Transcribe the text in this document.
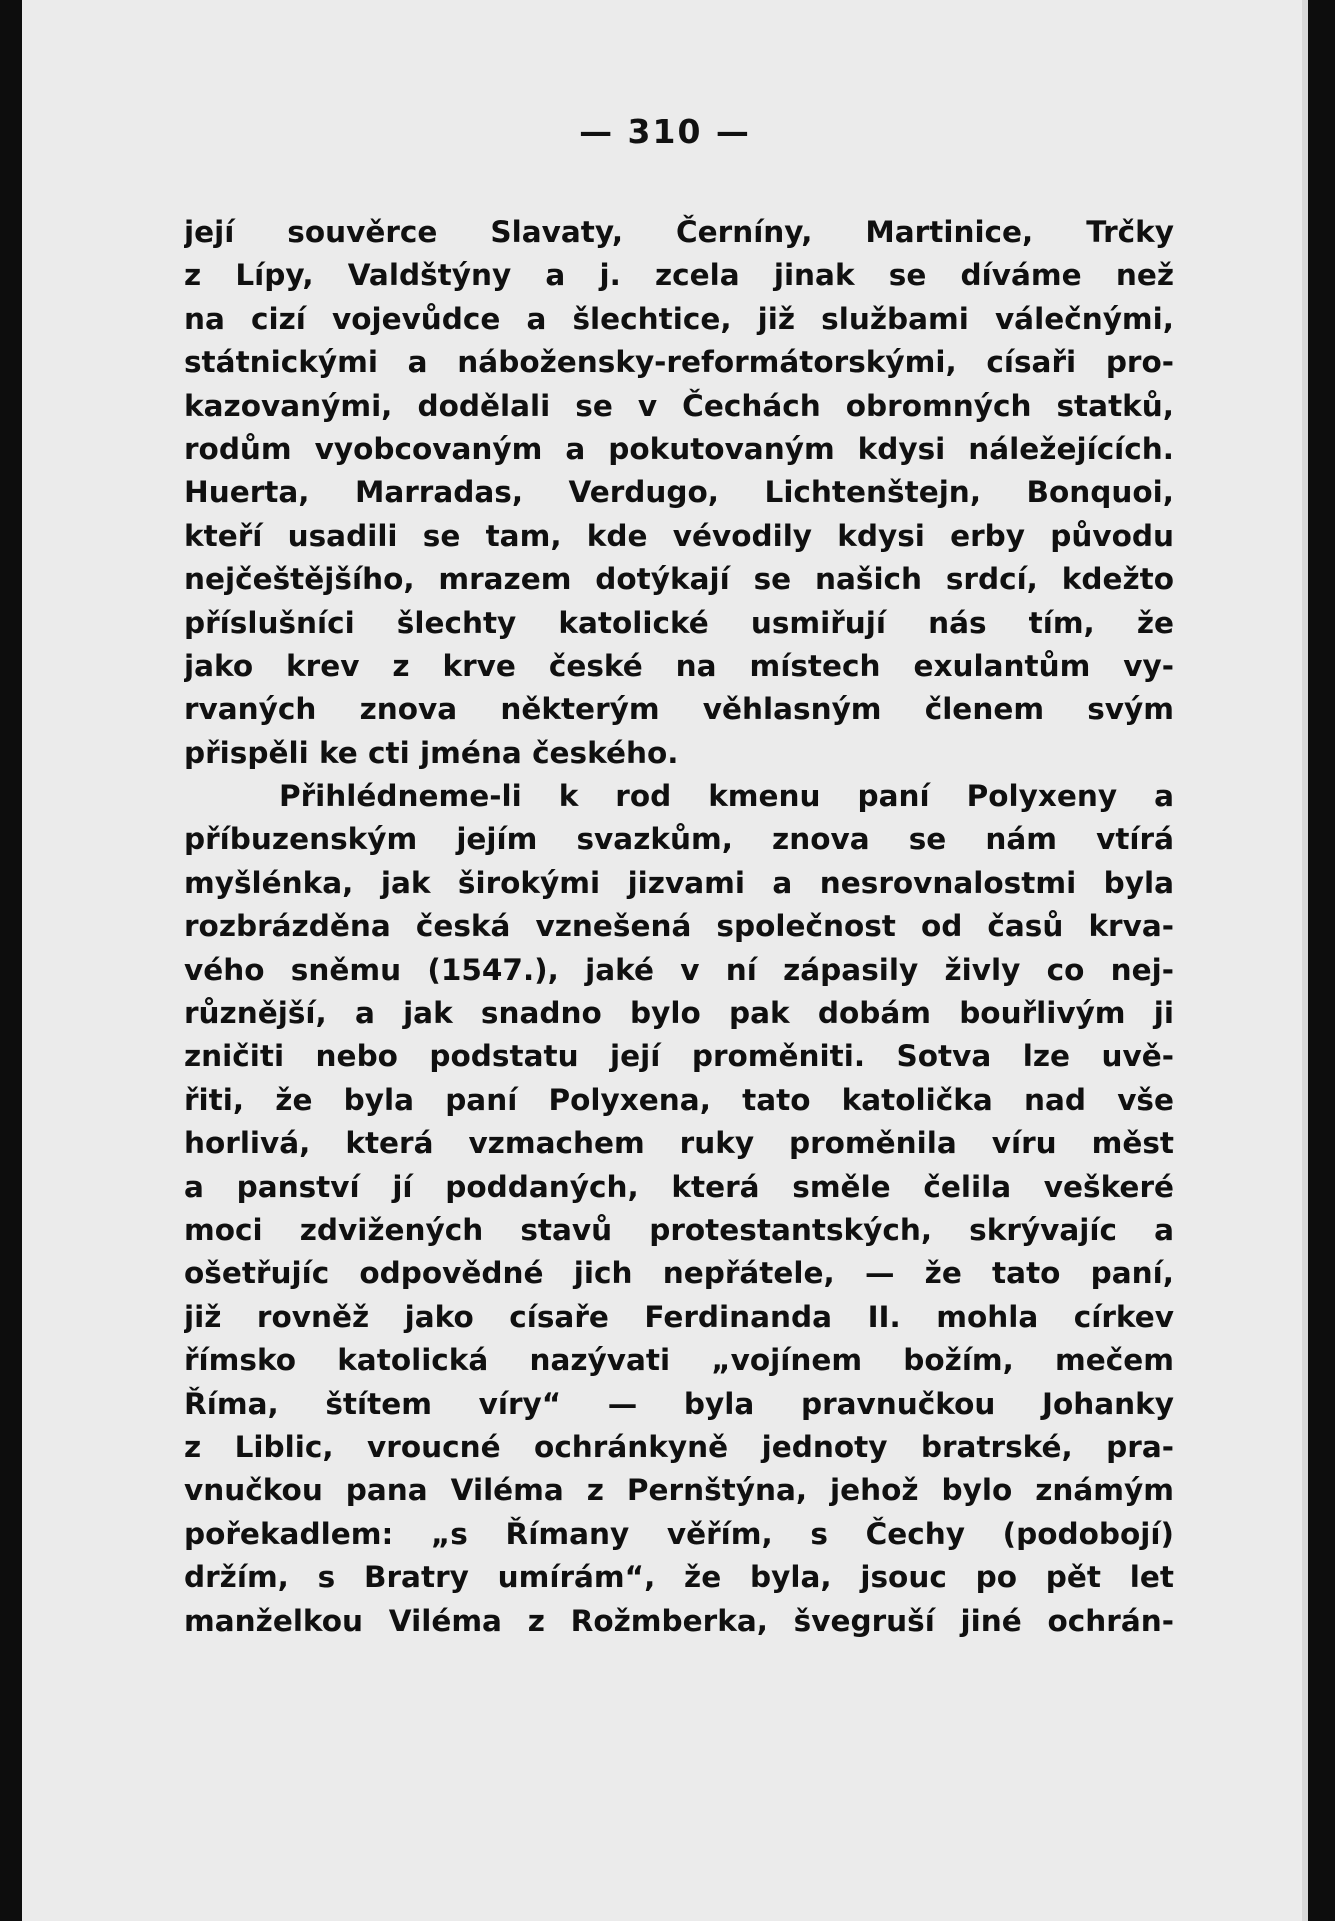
— 310 —
její souvěrce Slavaty, Černíny, Martinice, Trčky
z Lípy, Valdštýny a j. zcela jinak se díváme než
na cizí vojevůdce a šlechtice, již službami válečnými,
státnickými a nábožensky-reformátorskými, císaři pro-
kazovanými, dodělali se v Čechách obromných statků,
rodům vyobcovaným a pokutovaným kdysi náležejících.
Huerta, Marradas, Verdugo, Lichtenštejn, Bonquoi,
kteří usadili se tam, kde vévodily kdysi erby původu
nejčeštějšího, mrazem dotýkají se našich srdcí, kdežto
příslušníci šlechty katolické usmiřují nás tím, že
jako krev z krve české na místech exulantům vy-
rvaných znova některým věhlasným členem svým
přispěli ke cti jména českého.
Přihlédneme-li k rod kmenu paní Polyxeny a
příbuzenským jejím svazkům, znova se nám vtírá
myšlénka, jak širokými jizvami a nesrovnalostmi byla
rozbrázděna česká vznešená společnost od časů krva-
vého sněmu (1547.), jaké v ní zápasily živly co nej-
různější, a jak snadno bylo pak dobám bouřlivým ji
zničiti nebo podstatu její proměniti. Sotva lze uvě-
řiti, že byla paní Polyxena, tato katolička nad vše
horlivá, která vzmachem ruky proměnila víru měst
a panství jí poddaných, která směle čelila veškeré
moci zdvižených stavů protestantských, skrývajíc a
ošetřujíc odpovědné jich nepřátele, — že tato paní,
již rovněž jako císaře Ferdinanda II. mohla církev
římsko katolická nazývati „vojínem božím, mečem
Říma, štítem víry“ — byla pravnučkou Johanky
z Liblic, vroucné ochránkyně jednoty bratrské, pra-
vnučkou pana Viléma z Pernštýna, jehož bylo známým
pořekadlem: „s Římany věřím, s Čechy (podobojí)
držím, s Bratry umírám“, že byla, jsouc po pět let
manželkou Viléma z Rožmberka, švegruší jiné ochrán-
